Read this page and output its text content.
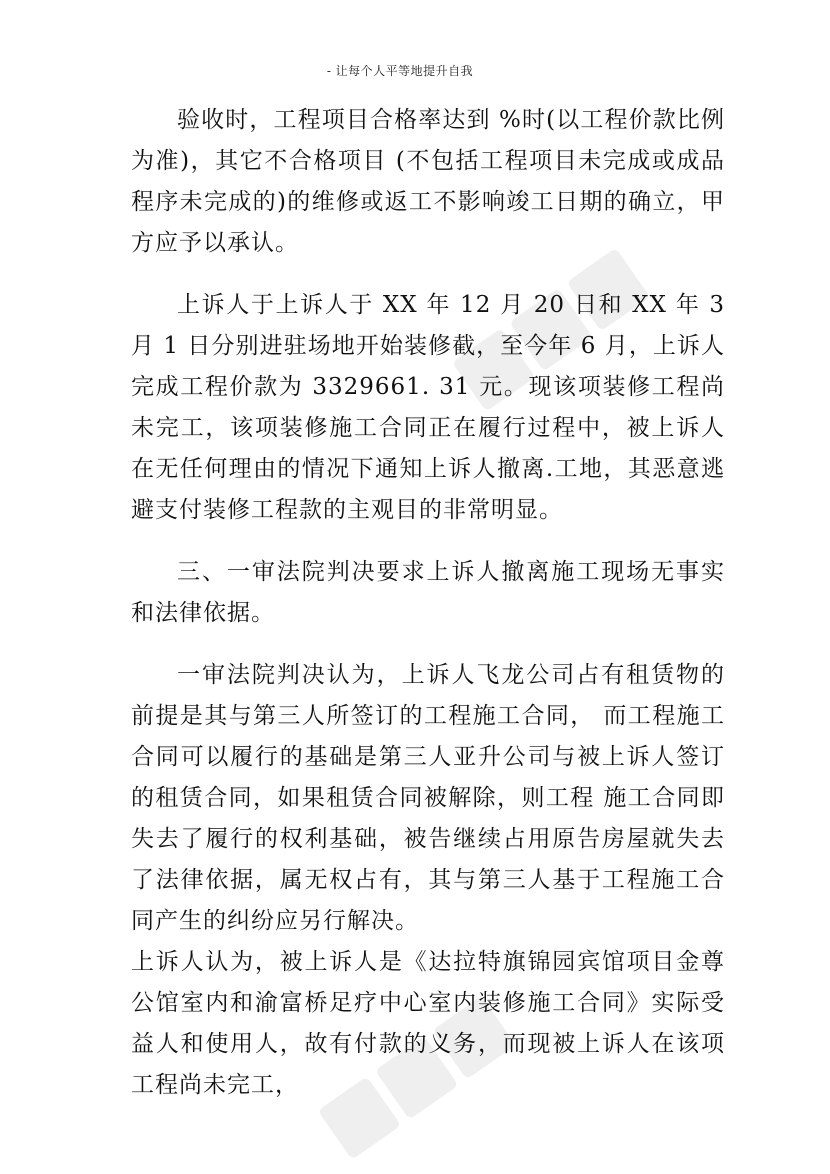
- 让每个人平等地提升自我

验收时，工程项目合格率达到 %时(以工程价款比例为准)，其它不合格项目 (不包括工程项目未完成或成品程序未完成的)的维修或返工不影响竣工日期的确立，甲方应予以承认。

上诉人于上诉人于 XX 年 12 月 20 日和 XX 年 3 月 1 日分别进驻场地开始装修截，至今年 6 月，上诉人完成工程价款为 3329661. 31 元。现该项装修工程尚未完工，该项装修施工合同正在履行过程中，被上诉人在无任何理由的情况下通知上诉人撤离.工地，其恶意逃避支付装修工程款的主观目的非常明显。

三、一审法院判决要求上诉人撤离施工现场无事实和法律依据。

一审法院判决认为，上诉人飞龙公司占有租赁物的前提是其与第三人所签订的工程施工合同， 而工程施工合同可以履行的基础是第三人亚升公司与被上诉人签订的租赁合同，如果租赁合同被解除，则工程 施工合同即失去了履行的权利基础，被告继续占用原告房屋就失去了法律依据，属无权占有，其与第三人基于工程施工合同产生的纠纷应另行解决。

上诉人认为，被上诉人是《达拉特旗锦园宾馆项目金尊公馆室内和渝富桥足疗中心室内装修施工合同》实际受益人和使用人，故有付款的义务，而现被上诉人在该项工程尚未完工，
